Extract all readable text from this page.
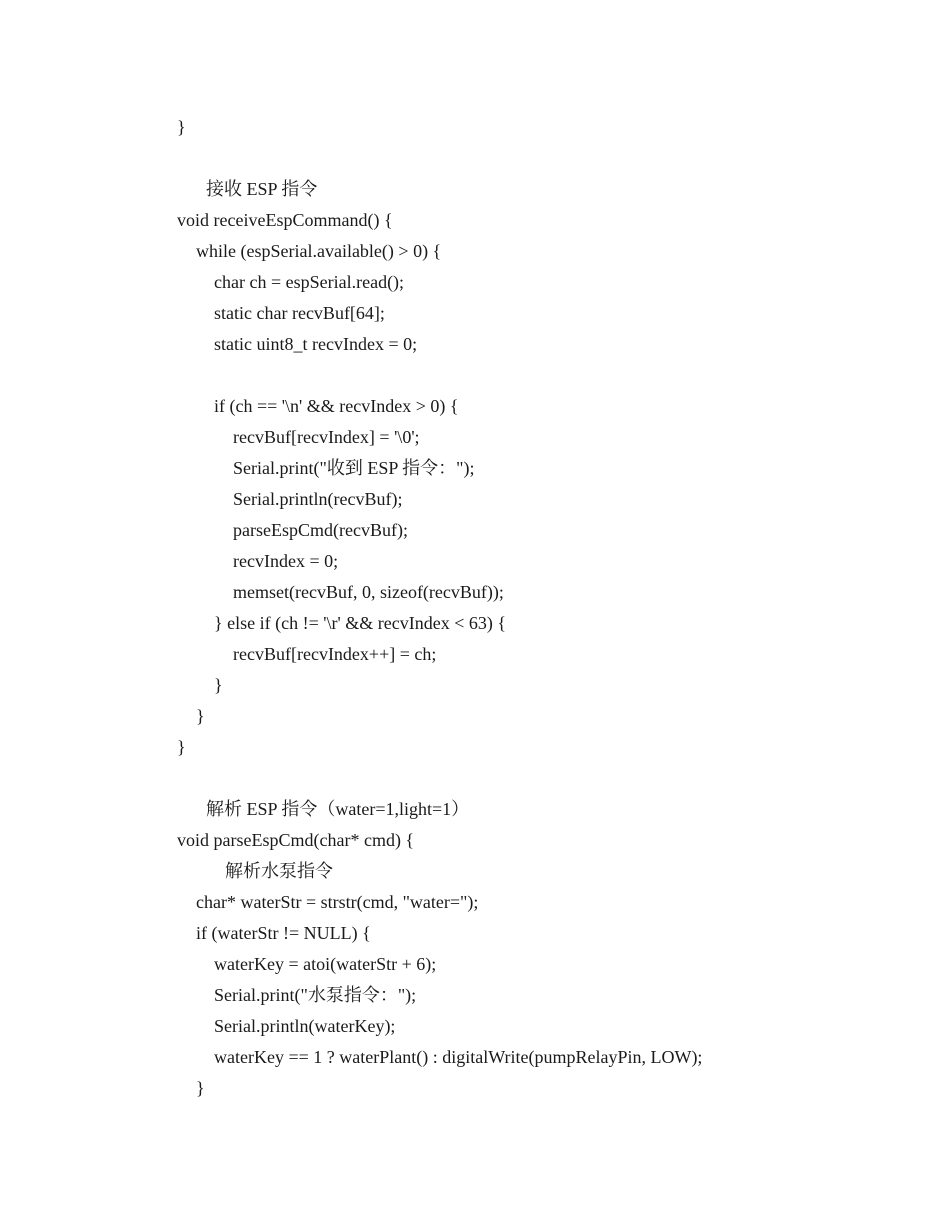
}
接收 ESP 指令
void receiveEspCommand() {
while (espSerial.available() > 0) {
char ch = espSerial.read();
static char recvBuf[64];
static uint8_t recvIndex = 0;
if (ch == '\n' && recvIndex > 0) {
recvBuf[recvIndex] = '\0';
Serial.print("收到 ESP 指令：");
Serial.println(recvBuf);
parseEspCmd(recvBuf);
recvIndex = 0;
memset(recvBuf, 0, sizeof(recvBuf));
} else if (ch != '\r' && recvIndex < 63) {
recvBuf[recvIndex++] = ch;
}
}
}
解析 ESP 指令（water=1,light=1）
void parseEspCmd(char* cmd) {
解析水泵指令
char* waterStr = strstr(cmd, "water=");
if (waterStr != NULL) {
waterKey = atoi(waterStr + 6);
Serial.print("水泵指令：");
Serial.println(waterKey);
waterKey == 1 ? waterPlant() : digitalWrite(pumpRelayPin, LOW);
}
